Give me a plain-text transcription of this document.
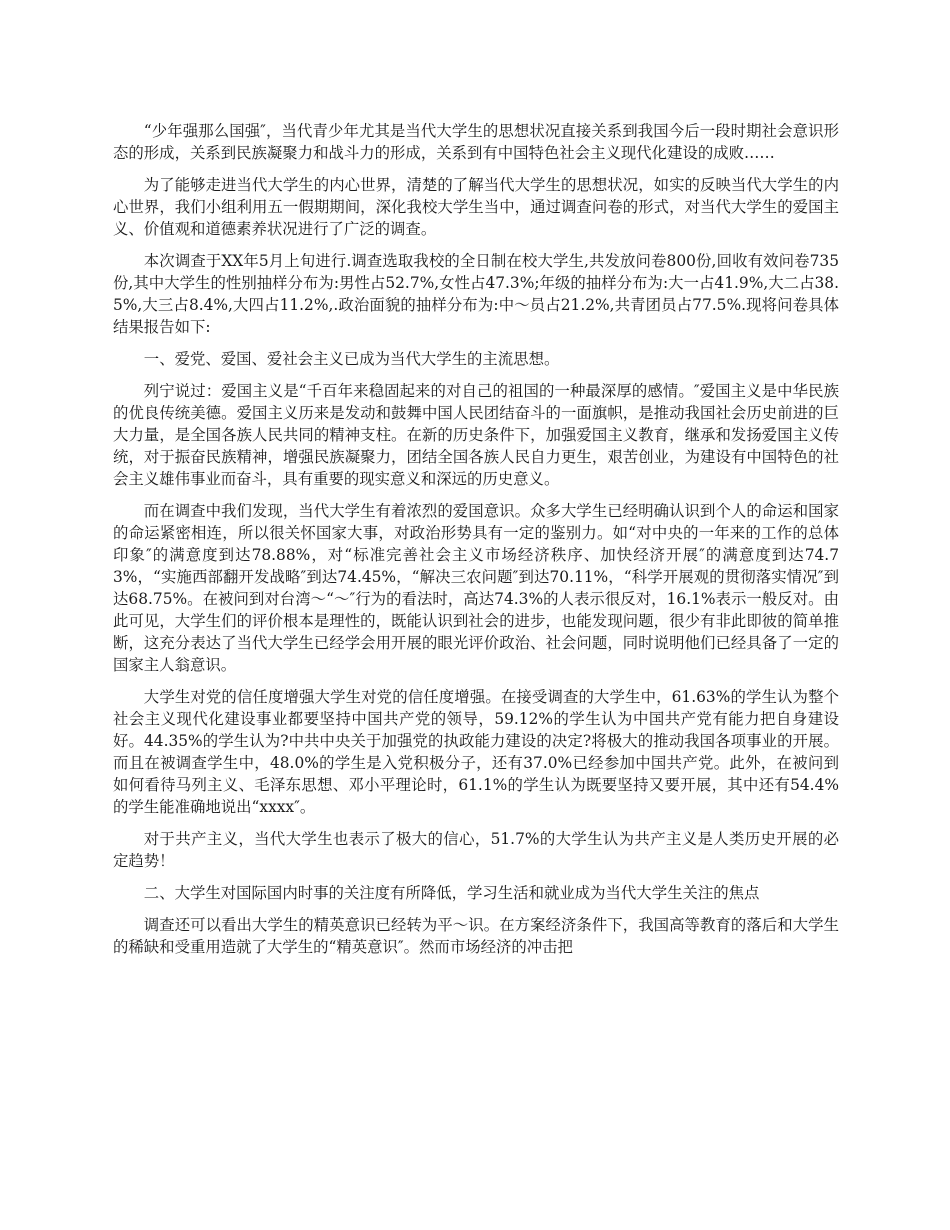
“少年强那么国强″，当代青少年尤其是当代大学生的思想状况直接关系到我国今后一段时期社会意识形态的形成，关系到民族凝聚力和战斗力的形成，关系到有中国特色社会主义现代化建设的成败……

为了能够走进当代大学生的内心世界，清楚的了解当代大学生的思想状况，如实的反映当代大学生的内心世界，我们小组利用五一假期期间，深化我校大学生当中，通过调查问卷的形式，对当代大学生的爱国主义、价值观和道德素养状况进行了广泛的调查。

本次调查于XX年5月上旬进行.调查选取我校的全日制在校大学生,共发放问卷800份,回收有效问卷735份,其中大学生的性别抽样分布为:男性占52.7%,女性占47.3%;年级的抽样分布为:大一占41.9%,大二占38.5%,大三占8.4%,大四占11.2%,.政治面貌的抽样分布为:中～员占21.2%,共青团员占77.5%.现将问卷具体结果报告如下:

一、爱党、爱国、爱社会主义已成为当代大学生的主流思想。

列宁说过：爱国主义是“千百年来稳固起来的对自己的祖国的一种最深厚的感情。″爱国主义是中华民族的优良传统美德。爱国主义历来是发动和鼓舞中国人民团结奋斗的一面旗帜，是推动我国社会历史前进的巨大力量，是全国各族人民共同的精神支柱。在新的历史条件下，加强爱国主义教育，继承和发扬爱国主义传统，对于振奋民族精神，增强民族凝聚力，团结全国各族人民自力更生，艰苦创业，为建设有中国特色的社会主义雄伟事业而奋斗，具有重要的现实意义和深远的历史意义。

而在调查中我们发现，当代大学生有着浓烈的爱国意识。众多大学生已经明确认识到个人的命运和国家的命运紧密相连，所以很关怀国家大事，对政治形势具有一定的鉴别力。如“对中央的一年来的工作的总体印象″的满意度到达78.88%，对“标准完善社会主义市场经济秩序、加快经济开展″的满意度到达74.73%，“实施西部翻开发战略″到达74.45%，“解决三农问题″到达70.11%，“科学开展观的贯彻落实情况″到达68.75%。在被问到对台湾～“～″行为的看法时，高达74.3%的人表示很反对，16.1%表示一般反对。由此可见，大学生们的评价根本是理性的，既能认识到社会的进步，也能发现问题，很少有非此即彼的简单推断，这充分表达了当代大学生已经学会用开展的眼光评价政治、社会问题，同时说明他们已经具备了一定的国家主人翁意识。

大学生对党的信任度增强大学生对党的信任度增强。在接受调查的大学生中，61.63%的学生认为整个社会主义现代化建设事业都要坚持中国共产党的领导，59.12%的学生认为中国共产党有能力把自身建设好。44.35%的学生认为?中共中央关于加强党的执政能力建设的决定?将极大的推动我国各项事业的开展。而且在被调查学生中，48.0%的学生是入党积极分子，还有37.0%已经参加中国共产党。此外，在被问到如何看待马列主义、毛泽东思想、邓小平理论时，61.1%的学生认为既要坚持又要开展，其中还有54.4%的学生能准确地说出“xxxx″。

对于共产主义，当代大学生也表示了极大的信心，51.7%的大学生认为共产主义是人类历史开展的必定趋势！

二、大学生对国际国内时事的关注度有所降低，学习生活和就业成为当代大学生关注的焦点

调查还可以看出大学生的精英意识已经转为平～识。在方案经济条件下，我国高等教育的落后和大学生的稀缺和受重用造就了大学生的“精英意识″。然而市场经济的冲击把
